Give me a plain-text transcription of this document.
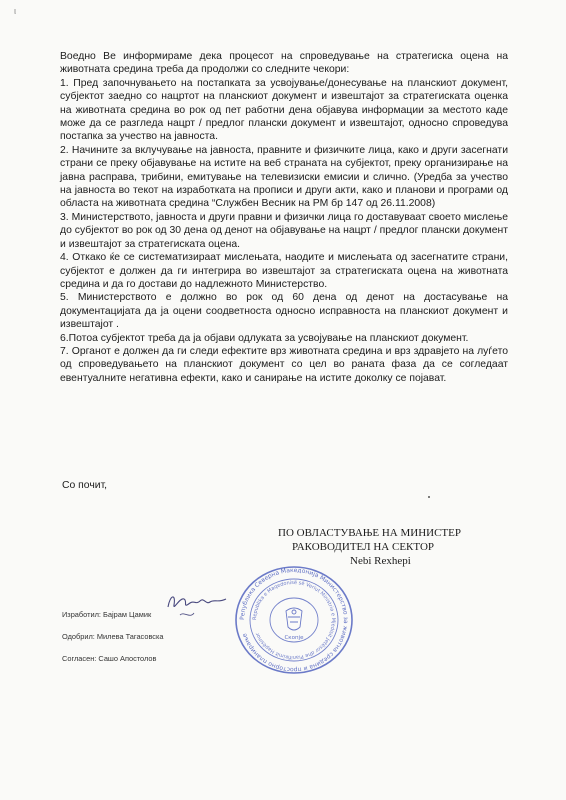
ι

Воедно Ве информираме дека процесот на спроведување на стратегиска оцена на животната средина треба да продолжи со следните чекори:

1. Пред започнувањето на постапката за усвојување/донесување на планскиот документ, субјектот заедно со нацртот на планскиот документ и извештајот за стратегиската оценка на животната средина во рок од пет работни дена објавува информации за местото каде може да се разгледа нацрт / предлог плански документ и извештајот, односно спроведува постапка за учество на јавноста.

2. Начините за вклучување на јавноста, правните и физичките лица, како и други засегнати страни се преку објавување на истите на веб страната на субјектот, преку организирање на јавна расправа, трибини, емитување на телевизиски емисии и слично. (Уредба за учество на јавноста во текот на изработката на прописи и други акти, како и планови и програми од областа на животната средина “Службен Весник на РМ бр 147 од 26.11.2008)

3. Министерството, јавноста и други правни и физички лица го доставуваат своето мислење до субјектот во рок од 30 дена од денот на објавување на нацрт / предлог плански документ и извештајот за стратегиската оцена.

4. Откако ќе се систематизираат мислењата, наодите и мислењата од засегнатите страни, субјектот е должен да ги интегрира во извештајот за стратегиската оцена на животната средина и да го достави до надлежното Министерство.

5. Министерството е должно во рок од 60 дена од денот на достасување на документацијата да ја оцени соодветноста односно исправноста на планскиот документ и извештајот .

6.Потоа субјектот треба да ја објави одлуката за усвојување на планскиот документ.

7. Органот е должен да ги следи ефектите врз животната средина и врз здравјето на луѓето од спроведувањето на планскиот документ со цел во раната фаза да се согледаат евентуалните негативна ефекти, како и санирање на истите доколку се појават.

Со почит,
ПО ОВЛАСТУВАЊЕ НА МИНИСТЕР
РАКОВОДИТЕЛ НА СЕКТОР
Nebi Rexhepi
Република Северна Македонија Министерство за животна средина и просторно планирање
Republika e Maqedonisë së Veriut Ministria e Mjedisit Jetësor dhe Planifikimit Hapësinor
Скопје
Изработил: Бајрам Цамик
Одобрил: Милева Тагасовска
Согласен: Сашо Апостолов
